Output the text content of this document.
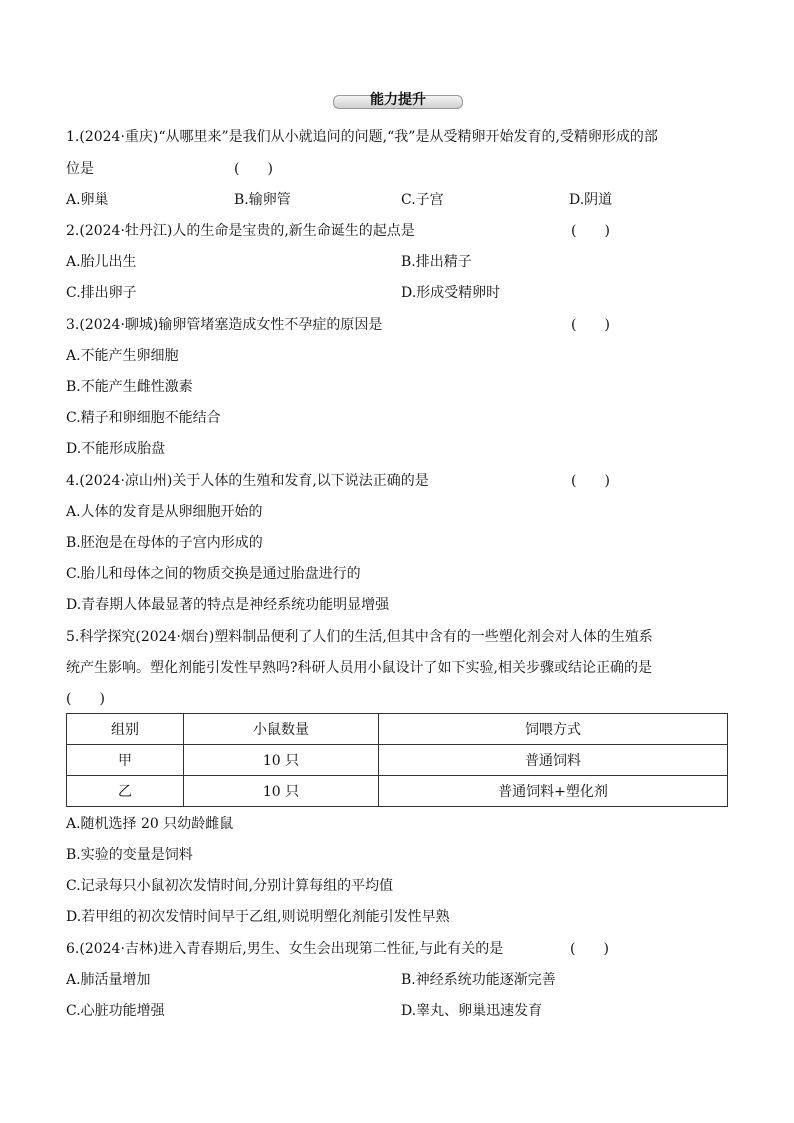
能力提升
1.(2024·重庆)“从哪里来”是我们从小就追问的问题,“我”是从受精卵开始发育的,受精卵形成的部
位是	(　　)
A.卵巢	B.输卵管	C.子宫	D.阴道
2.(2024·牡丹江)人的生命是宝贵的,新生命诞生的起点是	(　　)
A.胎儿出生	B.排出精子
C.排出卵子	D.形成受精卵时
3.(2024·聊城)输卵管堵塞造成女性不孕症的原因是	(　　)
A.不能产生卵细胞
B.不能产生雌性激素
C.精子和卵细胞不能结合
D.不能形成胎盘
4.(2024·凉山州)关于人体的生殖和发育,以下说法正确的是	(　　)
A.人体的发育是从卵细胞开始的
B.胚泡是在母体的子宫内形成的
C.胎儿和母体之间的物质交换是通过胎盘进行的
D.青春期人体最显著的特点是神经系统功能明显增强
5.科学探究(2024·烟台)塑料制品便利了人们的生活,但其中含有的一些塑化剂会对人体的生殖系
统产生影响。塑化剂能引发性早熟吗?科研人员用小鼠设计了如下实验,相关步骤或结论正确的是
(　　)
组别	小鼠数量	饲喂方式
甲	10 只	普通饲料
乙	10 只	普通饲料+塑化剂
A.随机选择 20 只幼龄雌鼠
B.实验的变量是饲料
C.记录每只小鼠初次发情时间,分别计算每组的平均值
D.若甲组的初次发情时间早于乙组,则说明塑化剂能引发性早熟
6.(2024·吉林)进入青春期后,男生、女生会出现第二性征,与此有关的是	(　　)
A.肺活量增加	B.神经系统功能逐渐完善
C.心脏功能增强	D.睾丸、卵巢迅速发育
